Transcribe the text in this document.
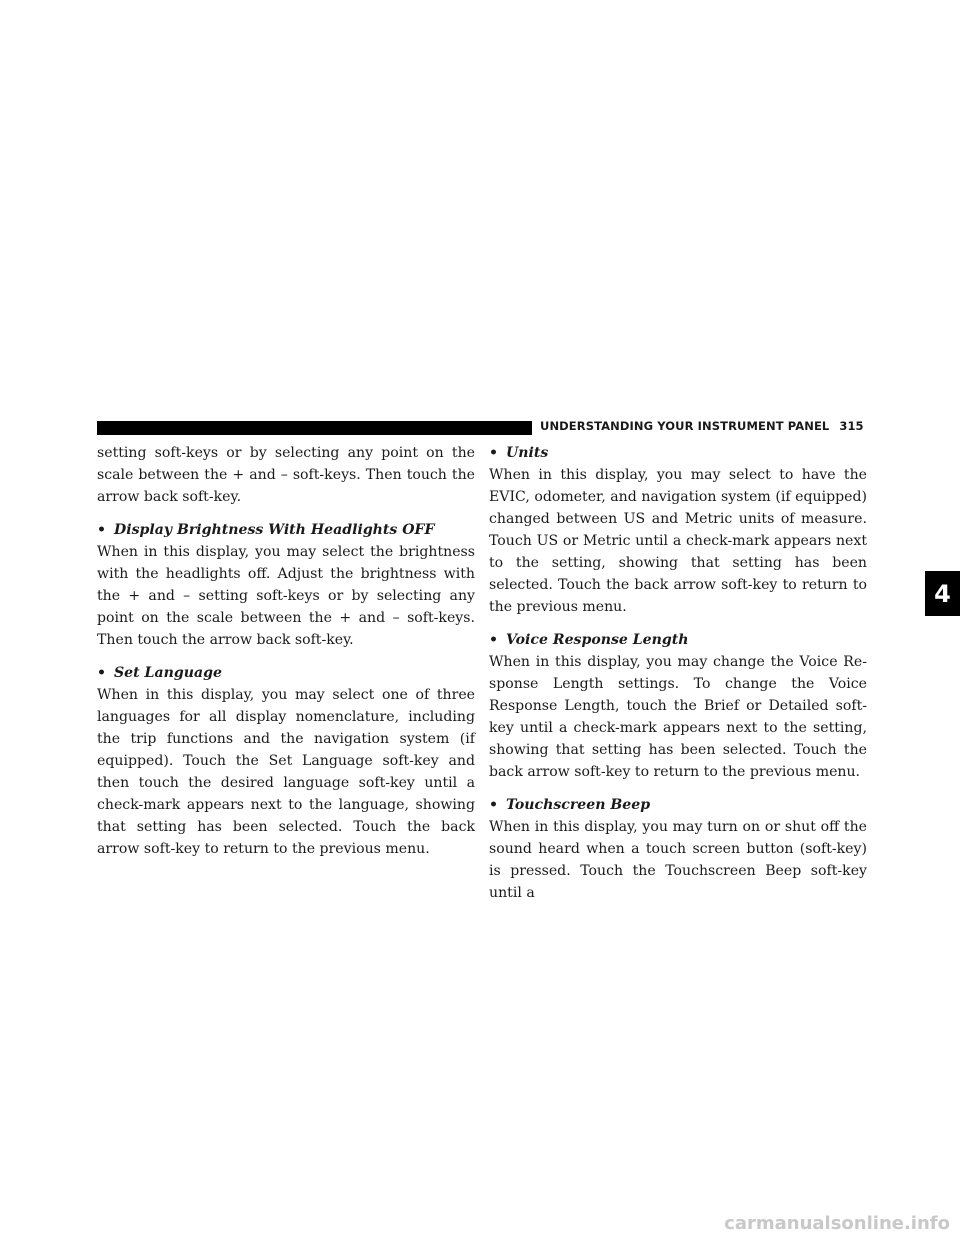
UNDERSTANDING YOUR INSTRUMENT PANEL 315

setting soft-keys or by selecting any point on the scale between the + and – soft-keys. Then touch the arrow back soft-key.

• Display Brightness With Headlights OFF

When in this display, you may select the brightness with the headlights off. Adjust the brightness with the + and – setting soft-keys or by selecting any point on the scale between the + and – soft-keys. Then touch the arrow back soft-key.

• Set Language

When in this display, you may select one of three languages for all display nomenclature, including the trip functions and the navigation system (if equipped). Touch the Set Language soft-key and then touch the desired language soft-key until a check-mark appears next to the language, showing that setting has been selected. Touch the back arrow soft-key to return to the previous menu.

• Units

When in this display, you may select to have the EVIC, odometer, and navigation system (if equipped) changed between US and Metric units of measure. Touch US or Metric until a check-mark appears next to the setting, showing that setting has been selected. Touch the back arrow soft-key to return to the previous menu.

• Voice Response Length

When in this display, you may change the Voice Re-sponse Length settings. To change the Voice Response Length, touch the Brief or Detailed soft-key until a check-mark appears next to the setting, showing that setting has been selected. Touch the back arrow soft-key to return to the previous menu.

• Touchscreen Beep

When in this display, you may turn on or shut off the sound heard when a touch screen button (soft-key) is pressed. Touch the Touchscreen Beep soft-key until a

4
carmanualsonline.info
